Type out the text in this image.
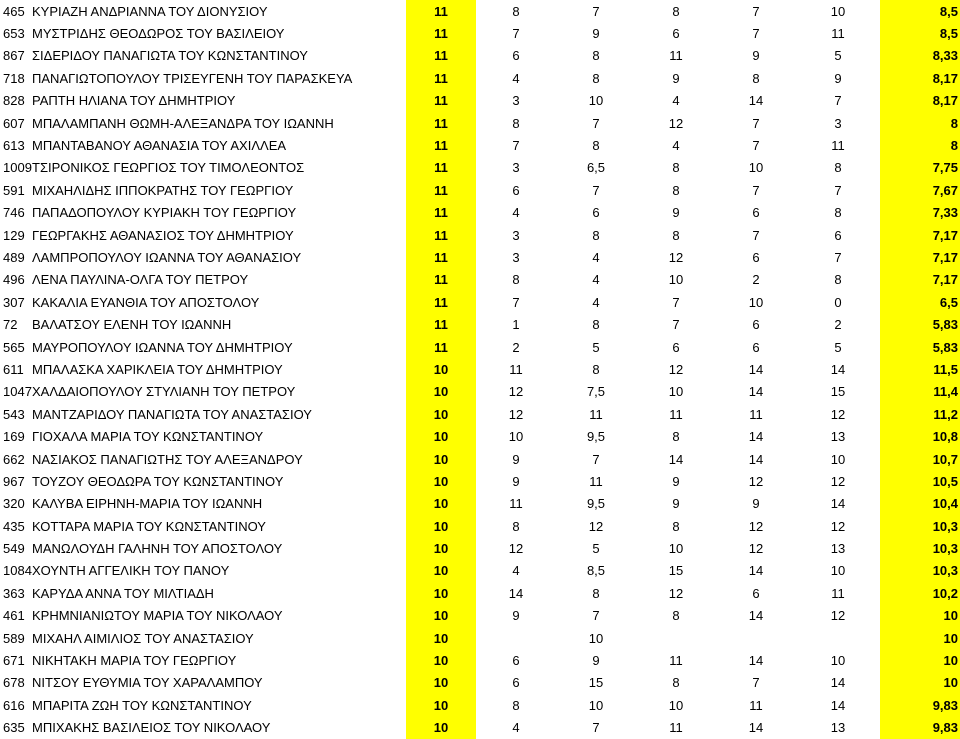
465	ΚΥΡΙΑΖΗ ΑΝΔΡΙΑΝΝΑ ΤΟΥ ΔΙΟΝΥΣΙΟΥ	11	8	7	8	7	10	8,5
653	ΜΥΣΤΡΙΔΗΣ ΘΕΟΔΩΡΟΣ ΤΟΥ ΒΑΣΙΛΕΙΟΥ	11	7	9	6	7	11	8,5
867	ΣΙΔΕΡΙΔΟΥ ΠΑΝΑΓΙΩΤΑ ΤΟΥ ΚΩΝΣΤΑΝΤΙΝΟΥ	11	6	8	11	9	5	8,33
718	ΠΑΝΑΓΙΩΤΟΠΟΥΛΟΥ ΤΡΙΣΕΥΓΕΝΗ ΤΟΥ ΠΑΡΑΣΚΕΥΑ	11	4	8	9	8	9	8,17
828	ΡΑΠΤΗ ΗΛΙΑΝΑ ΤΟΥ ΔΗΜΗΤΡΙΟΥ	11	3	10	4	14	7	8,17
607	ΜΠΑΛΑΜΠΑΝΗ ΘΩΜΗ-ΑΛΕΞΑΝΔΡΑ ΤΟΥ ΙΩΑΝΝΗ	11	8	7	12	7	3	8
613	ΜΠΑΝΤΑΒΑΝΟΥ ΑΘΑΝΑΣΙΑ ΤΟΥ ΑΧΙΛΛΕΑ	11	7	8	4	7	11	8
1009	ΤΣΙΡΟΝΙΚΟΣ ΓΕΩΡΓΙΟΣ ΤΟΥ ΤΙΜΟΛΕΟΝΤΟΣ	11	3	6,5	8	10	8	7,75
591	ΜΙΧΑΗΛΙΔΗΣ ΙΠΠΟΚΡΑΤΗΣ ΤΟΥ ΓΕΩΡΓΙΟΥ	11	6	7	8	7	7	7,67
746	ΠΑΠΑΔΟΠΟΥΛΟΥ ΚΥΡΙΑΚΗ ΤΟΥ ΓΕΩΡΓΙΟΥ	11	4	6	9	6	8	7,33
129	ΓΕΩΡΓΑΚΗΣ ΑΘΑΝΑΣΙΟΣ ΤΟΥ ΔΗΜΗΤΡΙΟΥ	11	3	8	8	7	6	7,17
489	ΛΑΜΠΡΟΠΟΥΛΟΥ ΙΩΑΝΝΑ ΤΟΥ ΑΘΑΝΑΣΙΟΥ	11	3	4	12	6	7	7,17
496	ΛΕΝΑ ΠΑΥΛΙΝΑ-ΟΛΓΑ ΤΟΥ ΠΕΤΡΟΥ	11	8	4	10	2	8	7,17
307	ΚΑΚΑΛΙΑ ΕΥΑΝΘΙΑ ΤΟΥ ΑΠΟΣΤΟΛΟΥ	11	7	4	7	10	0	6,5
72	ΒΑΛΑΤΣΟΥ ΕΛΕΝΗ ΤΟΥ ΙΩΑΝΝΗ	11	1	8	7	6	2	5,83
565	ΜΑΥΡΟΠΟΥΛΟΥ ΙΩΑΝΝΑ ΤΟΥ ΔΗΜΗΤΡΙΟΥ	11	2	5	6	6	5	5,83
611	ΜΠΑΛΑΣΚΑ ΧΑΡΙΚΛΕΙΑ ΤΟΥ ΔΗΜΗΤΡΙΟΥ	10	11	8	12	14	14	11,5
1047	ΧΑΛΔΑΙΟΠΟΥΛΟΥ ΣΤΥΛΙΑΝΗ ΤΟΥ ΠΕΤΡΟΥ	10	12	7,5	10	14	15	11,4
543	ΜΑΝΤΖΑΡΙΔΟΥ ΠΑΝΑΓΙΩΤΑ ΤΟΥ ΑΝΑΣΤΑΣΙΟΥ	10	12	11	11	11	12	11,2
169	ΓΙΟΧΑΛΑ ΜΑΡΙΑ ΤΟΥ ΚΩΝΣΤΑΝΤΙΝΟΥ	10	10	9,5	8	14	13	10,8
662	ΝΑΣΙΑΚΟΣ ΠΑΝΑΓΙΩΤΗΣ ΤΟΥ ΑΛΕΞΑΝΔΡΟΥ	10	9	7	14	14	10	10,7
967	ΤΟΥΖΟΥ ΘΕΟΔΩΡΑ ΤΟΥ ΚΩΝΣΤΑΝΤΙΝΟΥ	10	9	11	9	12	12	10,5
320	ΚΑΛΥΒΑ ΕΙΡΗΝΗ-ΜΑΡΙΑ ΤΟΥ ΙΩΑΝΝΗ	10	11	9,5	9	9	14	10,4
435	ΚΟΤΤΑΡΑ ΜΑΡΙΑ ΤΟΥ ΚΩΝΣΤΑΝΤΙΝΟΥ	10	8	12	8	12	12	10,3
549	ΜΑΝΩΛΟΥΔΗ ΓΑΛΗΝΗ ΤΟΥ ΑΠΟΣΤΟΛΟΥ	10	12	5	10	12	13	10,3
1084	ΧΟΥΝΤΗ ΑΓΓΕΛΙΚΗ ΤΟΥ ΠΑΝΟΥ	10	4	8,5	15	14	10	10,3
363	ΚΑΡΥΔΑ ΑΝΝΑ ΤΟΥ ΜΙΛΤΙΑΔΗ	10	14	8	12	6	11	10,2
461	ΚΡΗΜΝΙΑΝΙΩΤΟΥ ΜΑΡΙΑ ΤΟΥ ΝΙΚΟΛΑΟΥ	10	9	7	8	14	12	10
589	ΜΙΧΑΗΛ ΑΙΜΙΛΙΟΣ ΤΟΥ ΑΝΑΣΤΑΣΙΟΥ	10		10				10
671	ΝΙΚΗΤΑΚΗ ΜΑΡΙΑ ΤΟΥ ΓΕΩΡΓΙΟΥ	10	6	9	11	14	10	10
678	ΝΙΤΣΟΥ ΕΥΘΥΜΙΑ ΤΟΥ ΧΑΡΑΛΑΜΠΟΥ	10	6	15	8	7	14	10
616	ΜΠΑΡΙΤΑ ΖΩΗ ΤΟΥ ΚΩΝΣΤΑΝΤΙΝΟΥ	10	8	10	10	11	14	9,83
635	ΜΠΙΧΑΚΗΣ ΒΑΣΙΛΕΙΟΣ ΤΟΥ ΝΙΚΟΛΑΟΥ	10	4	7	11	14	13	9,83
